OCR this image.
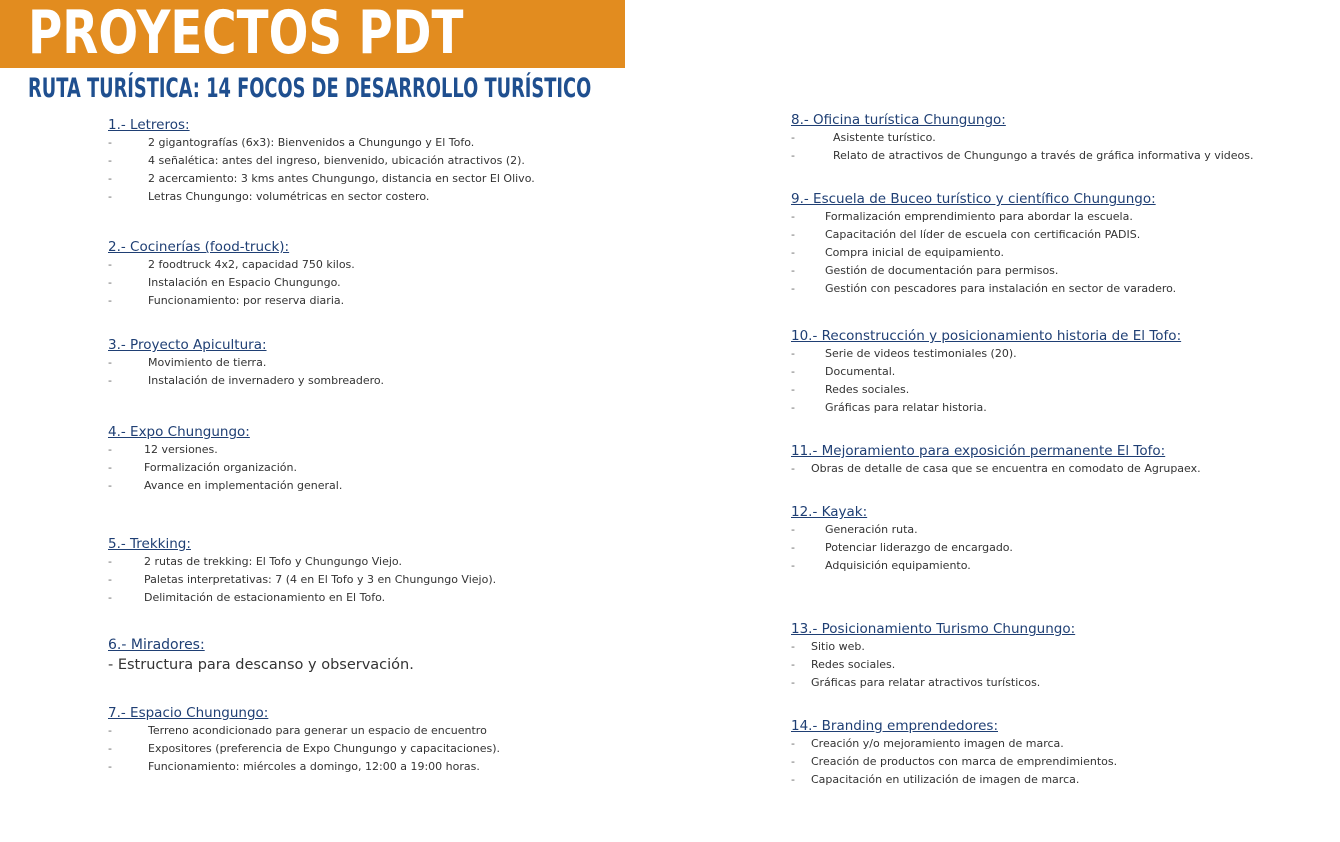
PROYECTOS PDT
RUTA TURÍSTICA: 14 FOCOS DE DESARROLLO TURÍSTICO
1.- Letreros:
-	2 gigantografías (6x3): Bienvenidos a Chungungo y El Tofo.
-	4 señalética: antes del ingreso, bienvenido, ubicación atractivos (2).
-	2 acercamiento: 3 kms antes Chungungo, distancia en sector El Olivo.
-	Letras Chungungo: volumétricas en sector costero.
2.- Cocinerías (food-truck):
-	2 foodtruck 4x2, capacidad 750 kilos.
-	Instalación en Espacio Chungungo.
-	Funcionamiento: por reserva diaria.
3.- Proyecto Apicultura:
-	Movimiento de tierra.
-	Instalación de invernadero y sombreadero.
4.- Expo Chungungo:
-	12 versiones.
-	Formalización organización.
-	Avance en implementación general.
5.- Trekking:
-	2 rutas de trekking: El Tofo y Chungungo Viejo.
-	Paletas interpretativas: 7 (4 en El Tofo y 3 en Chungungo Viejo).
-	Delimitación de estacionamiento en El Tofo.
6.- Miradores:
- Estructura para descanso y observación.
7.- Espacio Chungungo:
-	Terreno acondicionado para generar un espacio de encuentro
-	Expositores (preferencia de Expo Chungungo y capacitaciones).
-	Funcionamiento: miércoles a domingo, 12:00 a 19:00 horas.
8.- Oficina turística Chungungo:
-	Asistente turístico.
-	Relato de atractivos de Chungungo a través de gráfica informativa y videos.
9.- Escuela de Buceo turístico y científico Chungungo:
-	Formalización emprendimiento para abordar la escuela.
-	Capacitación del líder de escuela con certificación PADIS.
-	Compra inicial de equipamiento.
-	Gestión de documentación para permisos.
-	Gestión con pescadores para instalación en sector de varadero.
10.- Reconstrucción y posicionamiento historia de El Tofo:
-	Serie de videos testimoniales (20).
-	Documental.
-	Redes sociales.
-	Gráficas para relatar historia.
11.- Mejoramiento para exposición permanente El Tofo:
- Obras de detalle de casa que se encuentra en comodato de Agrupaex.
12.- Kayak:
-	Generación ruta.
-	Potenciar liderazgo de encargado.
-	Adquisición equipamiento.
13.- Posicionamiento Turismo Chungungo:
- Sitio web.
- Redes sociales.
- Gráficas para relatar atractivos turísticos.
14.- Branding emprendedores:
- Creación y/o mejoramiento imagen de marca.
- Creación de productos con marca de emprendimientos.
- Capacitación en utilización de imagen de marca.
